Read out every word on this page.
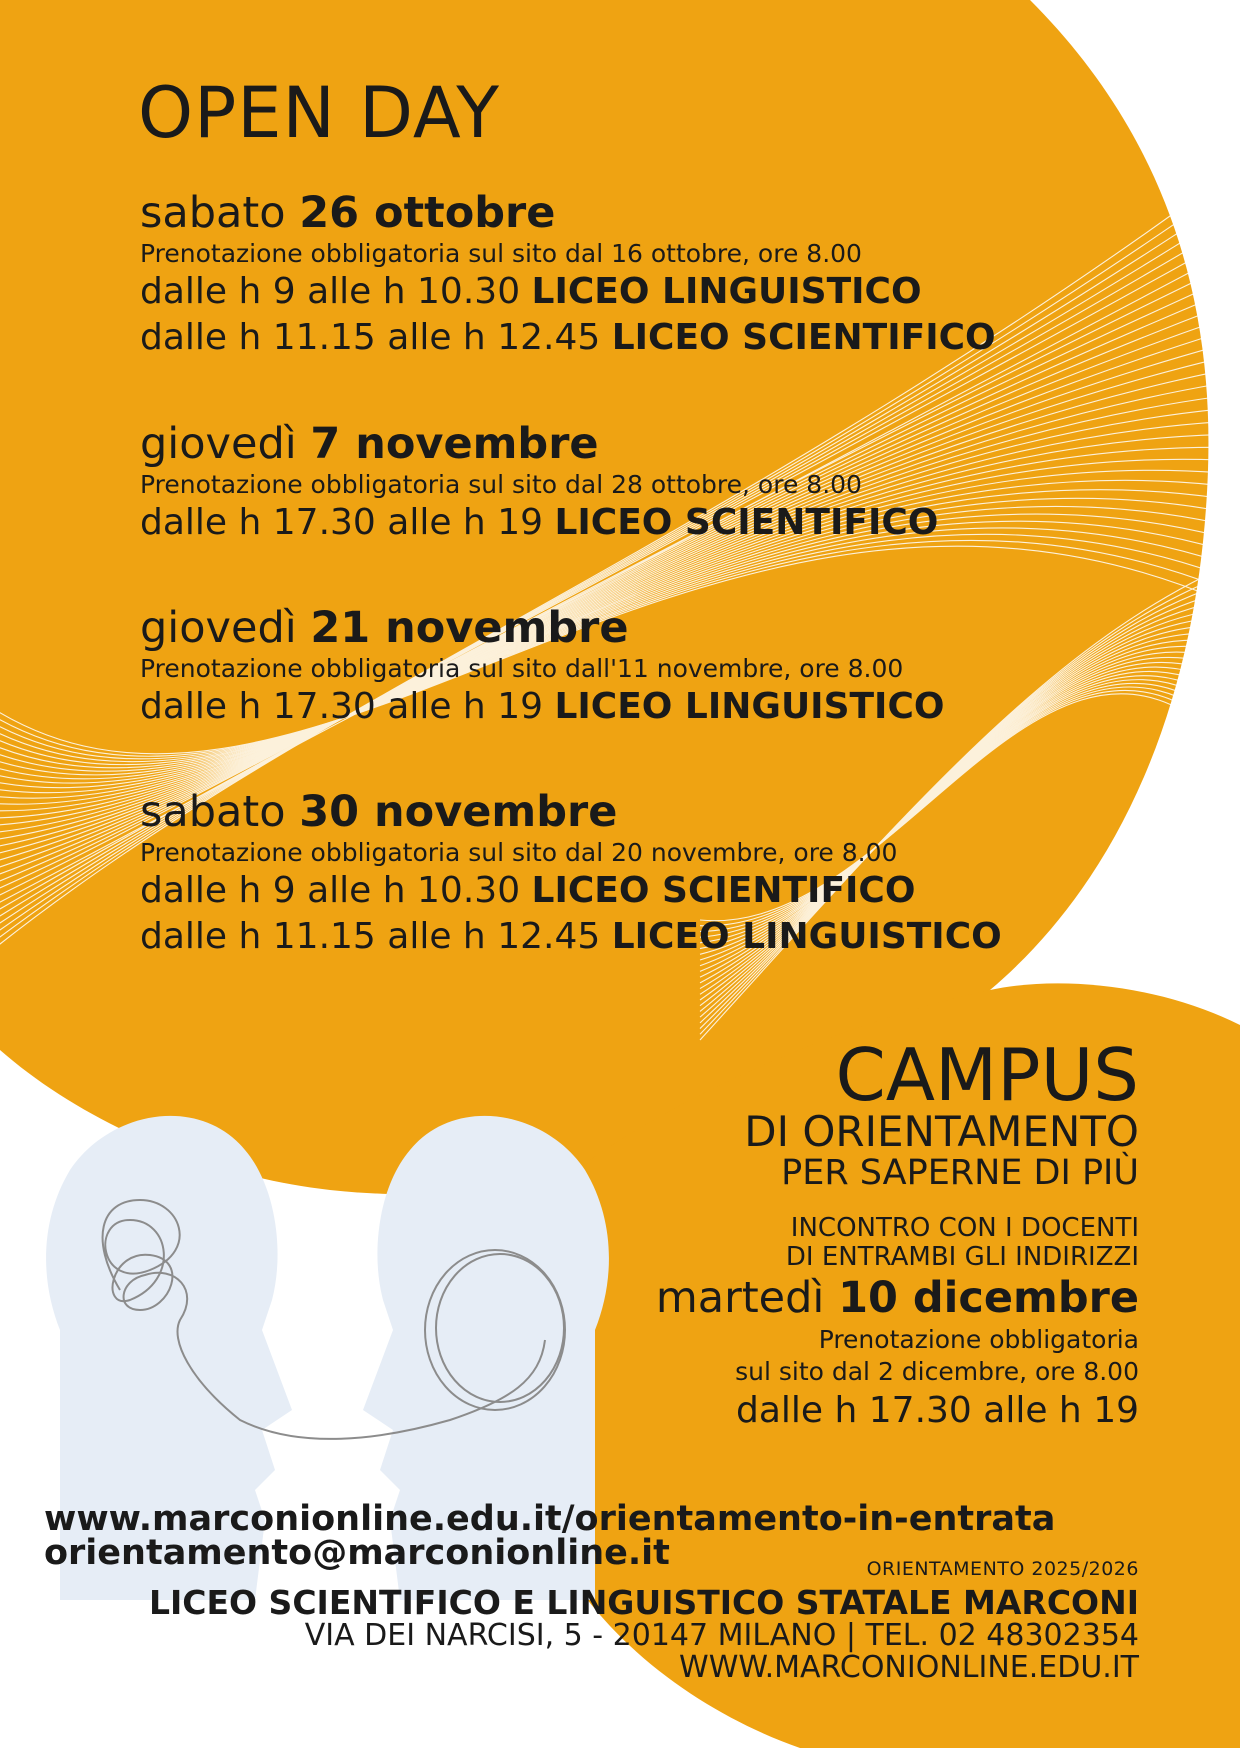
OPEN DAY
sabato 26 ottobre
Prenotazione obbligatoria sul sito dal 16 ottobre, ore 8.00
dalle h 9 alle h 10.30 LICEO LINGUISTICO
dalle h 11.15 alle h 12.45 LICEO SCIENTIFICO
giovedì 7 novembre
Prenotazione obbligatoria sul sito dal 28 ottobre, ore 8.00
dalle h 17.30 alle h 19 LICEO SCIENTIFICO
giovedì 21 novembre
Prenotazione obbligatoria sul sito dall'11 novembre, ore 8.00
dalle h 17.30 alle h 19 LICEO LINGUISTICO
sabato 30 novembre
Prenotazione obbligatoria sul sito dal 20 novembre, ore 8.00
dalle h 9 alle h 10.30 LICEO SCIENTIFICO
dalle h 11.15 alle h 12.45 LICEO LINGUISTICO
CAMPUS
DI ORIENTAMENTO
PER SAPERNE DI PIÙ
INCONTRO CON I DOCENTI
DI ENTRAMBI GLI INDIRIZZI
martedì 10 dicembre
Prenotazione obbligatoria
sul sito dal 2 dicembre, ore 8.00
dalle h 17.30 alle h 19
www.marconionline.edu.it/orientamento-in-entrata
orientamento@marconionline.it	ORIENTAMENTO 2025/2026
LICEO SCIENTIFICO E LINGUISTICO STATALE MARCONI
VIA DEI NARCISI, 5 - 20147 MILANO | TEL. 02 48302354
WWW.MARCONIONLINE.EDU.IT
